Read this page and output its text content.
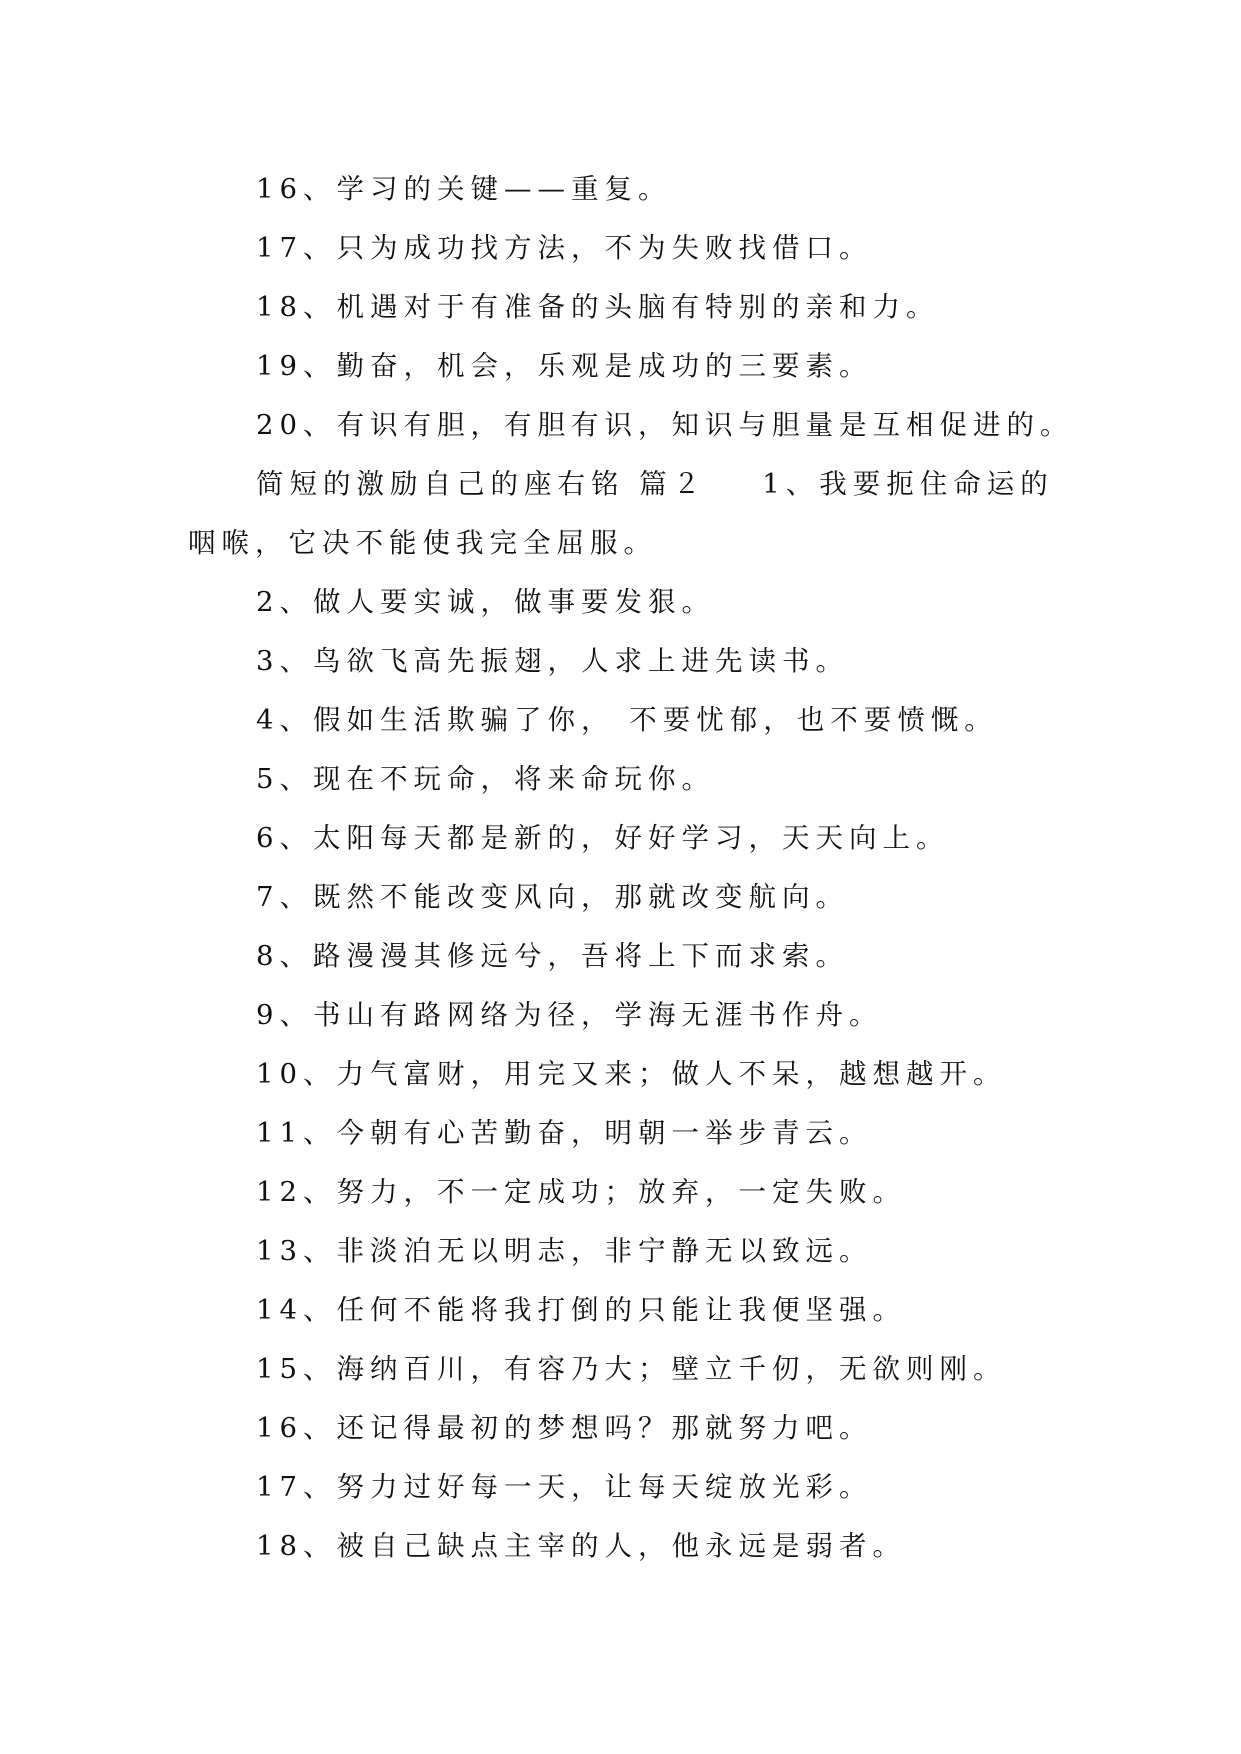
16、学习的关键——重复。
17、只为成功找方法，不为失败找借口。
18、机遇对于有准备的头脑有特别的亲和力。
19、勤奋，机会，乐观是成功的三要素。
20、有识有胆，有胆有识，知识与胆量是互相促进的。
简短的激励自己的座右铭 篇２ 1、我要扼住命运的
咽喉，它决不能使我完全屈服。
2、做人要实诚，做事要发狠。
3、鸟欲飞高先振翅，人求上进先读书。
4、假如生活欺骗了你， 不要忧郁，也不要愤慨。
5、现在不玩命，将来命玩你。
6、太阳每天都是新的，好好学习，天天向上。
7、既然不能改变风向，那就改变航向。
8、路漫漫其修远兮，吾将上下而求索。
9、书山有路网络为径，学海无涯书作舟。
10、力气富财，用完又来；做人不呆，越想越开。
11、今朝有心苦勤奋，明朝一举步青云。
12、努力，不一定成功；放弃，一定失败。
13、非淡泊无以明志，非宁静无以致远。
14、任何不能将我打倒的只能让我便坚强。
15、海纳百川，有容乃大；壁立千仞，无欲则刚。
16、还记得最初的梦想吗？那就努力吧。
17、努力过好每一天，让每天绽放光彩。
18、被自己缺点主宰的人，他永远是弱者。
